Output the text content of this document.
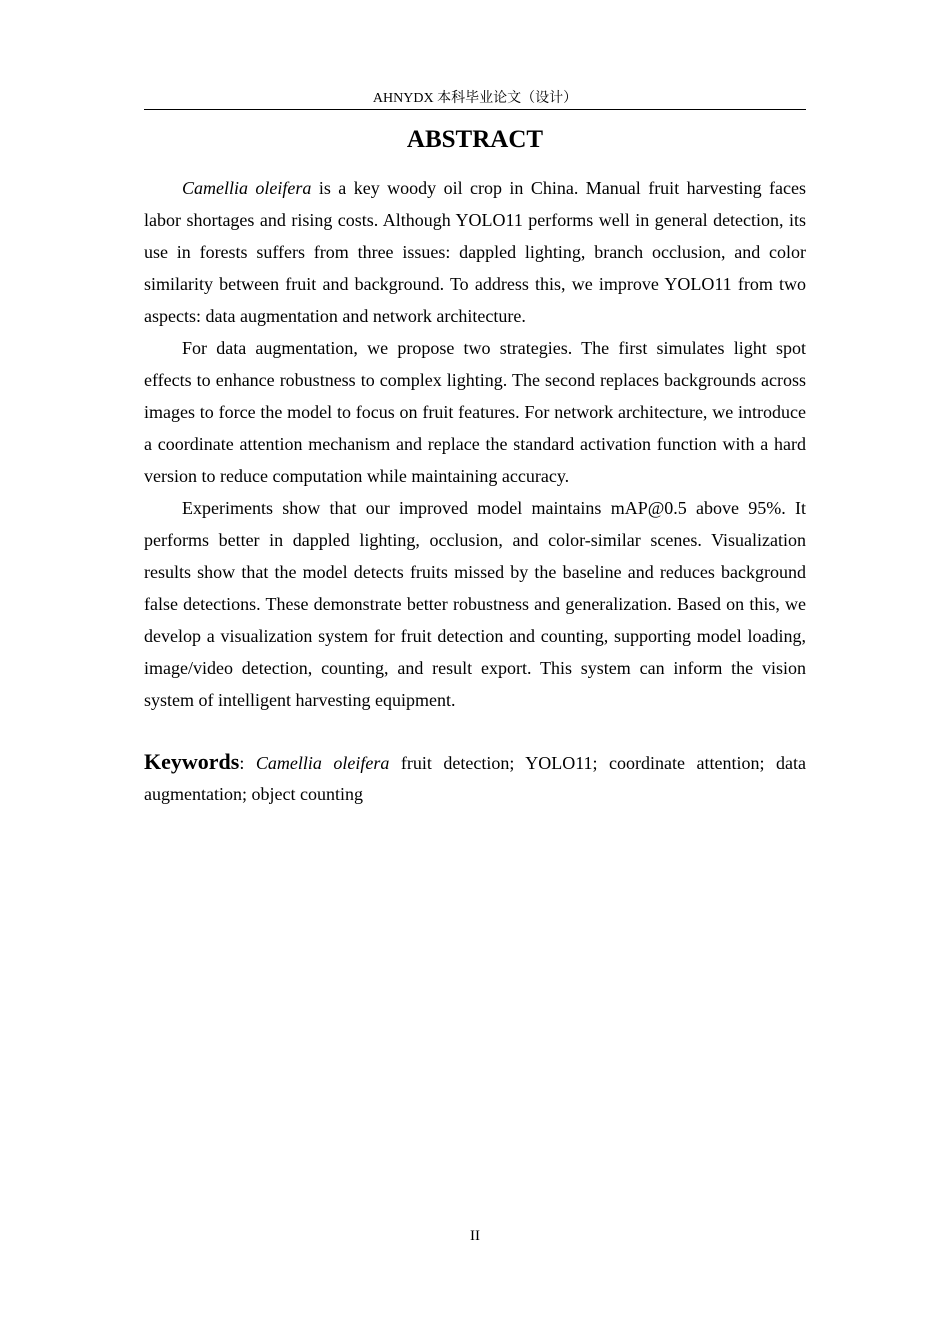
AHNYDX 本科毕业论文（设计）
ABSTRACT

Camellia oleifera is a key woody oil crop in China. Manual fruit harvesting faces labor shortages and rising costs. Although YOLO11 performs well in general detection, its use in forests suffers from three issues: dappled lighting, branch occlusion, and color similarity between fruit and background. To address this, we improve YOLO11 from two aspects: data augmentation and network architecture.

For data augmentation, we propose two strategies. The first simulates light spot effects to enhance robustness to complex lighting. The second replaces backgrounds across images to force the model to focus on fruit features. For network architecture, we introduce a coordinate attention mechanism and replace the standard activation function with a hard version to reduce computation while maintaining accuracy.

Experiments show that our improved model maintains mAP@0.5 above 95%. It performs better in dappled lighting, occlusion, and color-similar scenes. Visualization results show that the model detects fruits missed by the baseline and reduces background false detections. These demonstrate better robustness and generalization. Based on this, we develop a visualization system for fruit detection and counting, supporting model loading, image/video detection, counting, and result export. This system can inform the vision system of intelligent harvesting equipment.

Keywords: Camellia oleifera fruit detection; YOLO11; coordinate attention; data augmentation; object counting

II
